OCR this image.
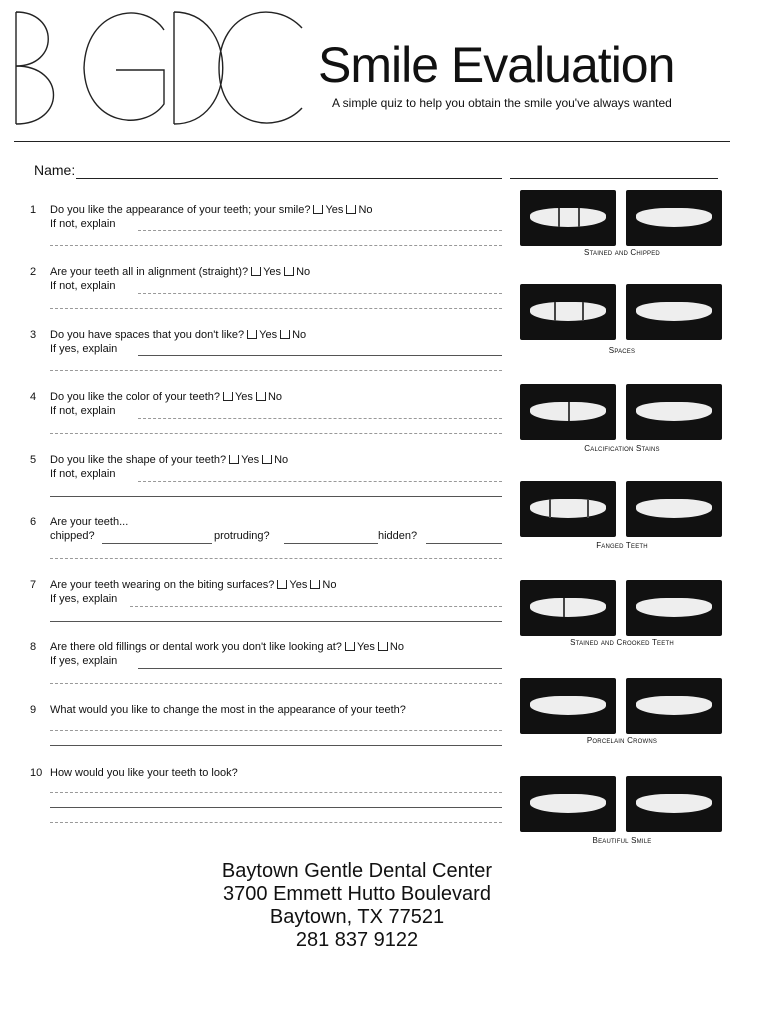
Smile Evaluation
A simple quiz to help you obtain the smile you've always wanted
Name:
1	Do you like the appearance of your teeth; your smile? Yes No
If not, explain
2	Are your teeth all in alignment (straight)? Yes No
If not, explain
3	Do you have spaces that you don't like? Yes No
If yes, explain
4	Do you like the color of your teeth? Yes No
If not, explain
5	Do you like the shape of your teeth? Yes No
If not, explain
6	Are your teeth...
chipped?	protruding?	hidden?
7	Are your teeth wearing on the biting surfaces? Yes No
If yes, explain
8	Are there old fillings or dental work you don't like looking at? Yes No
If yes, explain
9	What would you like to change the most in the appearance of your teeth?
10 How would you like your teeth to look?
Stained and Chipped
Spaces
Calcification Stains
Fanged Teeth
Stained and Crooked Teeth
Porcelain Crowns
Beautiful Smile
Baytown Gentle Dental Center
3700 Emmett Hutto Boulevard
Baytown, TX 77521
281 837 9122
